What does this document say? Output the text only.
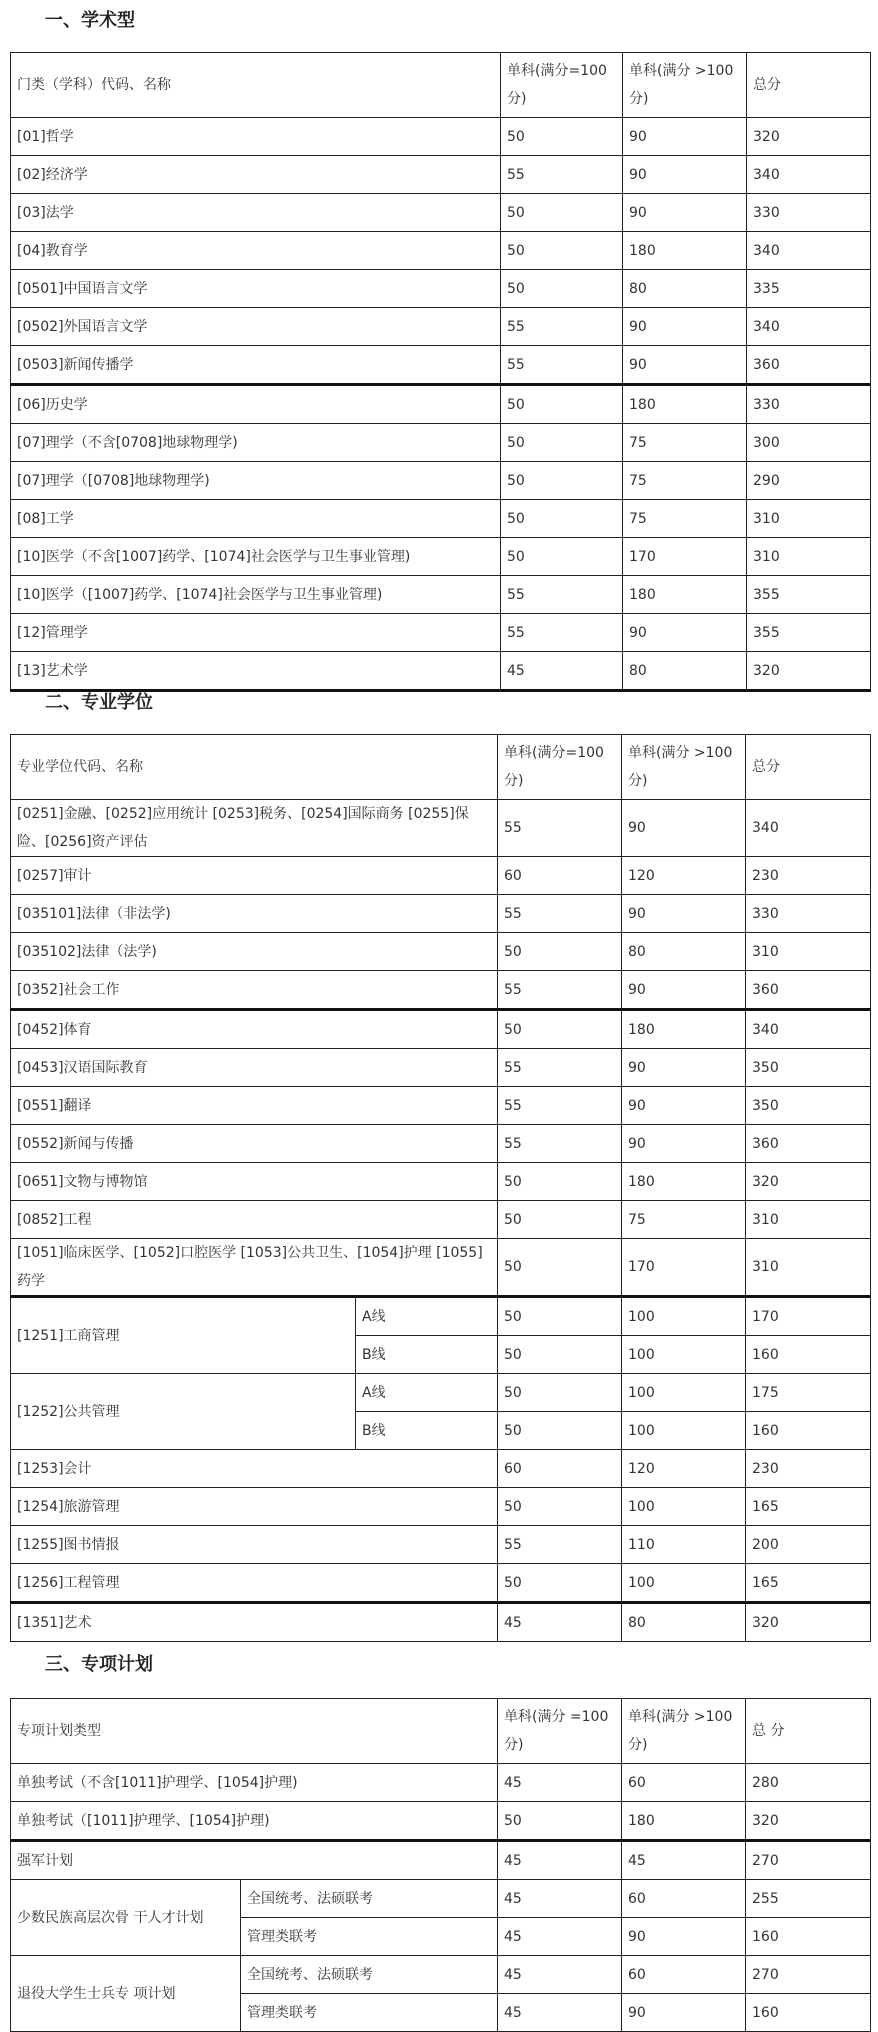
一、学术型
门类（学科）代码、名称	单科(满分=100分)	单科(满分 >100分)	总分
[01]哲学	50	90	320
[02]经济学	55	90	340
[03]法学	50	90	330
[04]教育学	50	180	340
[0501]中国语言文学	50	80	335
[0502]外国语言文学	55	90	340
[0503]新闻传播学	55	90	360
[06]历史学	50	180	330
[07]理学（不含[0708]地球物理学)	50	75	300
[07]理学（[0708]地球物理学)	50	75	290
[08]工学	50	75	310
[10]医学（不含[1007]药学、[1074]社会医学与卫生事业管理)	50	170	310
[10]医学（[1007]药学、[1074]社会医学与卫生事业管理)	55	180	355
[12]管理学	55	90	355
[13]艺术学	45	80	320
二、专业学位
专业学位代码、名称		单科(满分=100分)	单科(满分 >100分)	总分
[0251]金融、[0252]应用统计 [0253]税务、[0254]国际商务 [0255]保险、[0256]资产评估		55	90	340
[0257]审计		60	120	230
[035101]法律（非法学)		55	90	330
[035102]法律（法学)		50	80	310
[0352]社会工作		55	90	360
[0452]体育		50	180	340
[0453]汉语国际教育		55	90	350
[0551]翻译		55	90	350
[0552]新闻与传播		55	90	360
[0651]文物与博物馆		50	180	320
[0852]工程		50	75	310
[1051]临床医学、[1052]口腔医学 [1053]公共卫生、[1054]护理 [1055]药学		50	170	310
[1251]工商管理	A线	50	100	170
	B线	50	100	160
[1252]公共管理	A线	50	100	175
	B线	50	100	160
[1253]会计		60	120	230
[1254]旅游管理		50	100	165
[1255]图书情报		55	110	200
[1256]工程管理		50	100	165
[1351]艺术		45	80	320
三、专项计划
专项计划类型		单科(满分 =100分)	单科(满分 >100分)	总 分
单独考试（不含[1011]护理学、[1054]护理)		45	60	280
单独考试（[1011]护理学、[1054]护理)		50	180	320
强军计划		45	45	270
少数民族高层次骨 干人才计划	全国统考、法硕联考	45	60	255
	管理类联考	45	90	160
退役大学生士兵专 项计划	全国统考、法硕联考	45	60	270
	管理类联考	45	90	160
